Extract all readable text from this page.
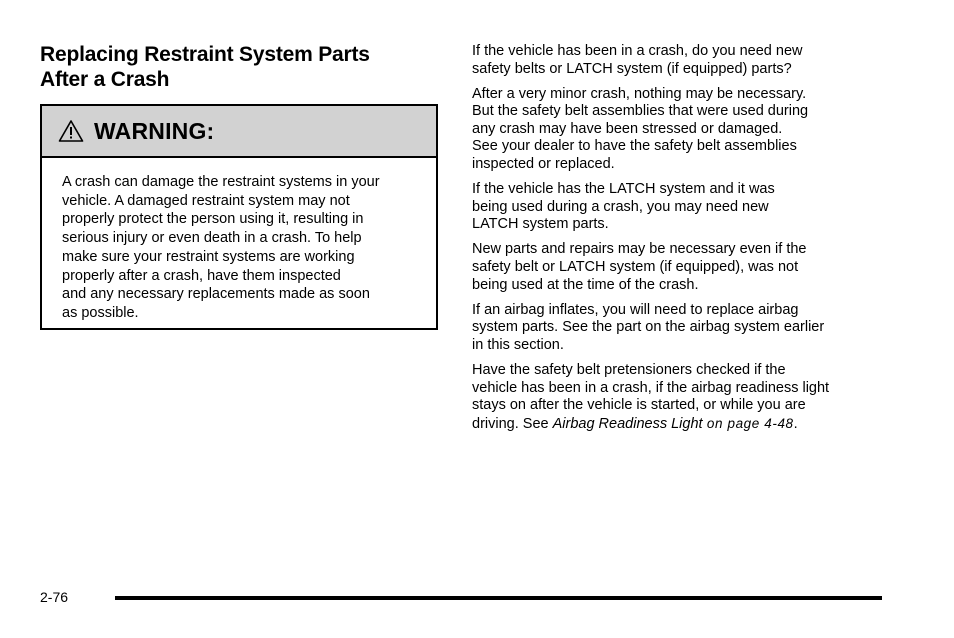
Replacing Restraint System Parts
After a Crash
WARNING:
A crash can damage the restraint systems in your
vehicle. A damaged restraint system may not
properly protect the person using it, resulting in
serious injury or even death in a crash. To help
make sure your restraint systems are working
properly after a crash, have them inspected
and any necessary replacements made as soon
as possible.
If the vehicle has been in a crash, do you need new
safety belts or LATCH system (if equipped) parts?
After a very minor crash, nothing may be necessary.
But the safety belt assemblies that were used during
any crash may have been stressed or damaged.
See your dealer to have the safety belt assemblies
inspected or replaced.
If the vehicle has the LATCH system and it was
being used during a crash, you may need new
LATCH system parts.
New parts and repairs may be necessary even if the
safety belt or LATCH system (if equipped), was not
being used at the time of the crash.
If an airbag inflates, you will need to replace airbag
system parts. See the part on the airbag system earlier
in this section.
Have the safety belt pretensioners checked if the
vehicle has been in a crash, if the airbag readiness light
stays on after the vehicle is started, or while you are
driving. See Airbag Readiness Light on page 4-48.
2-76
